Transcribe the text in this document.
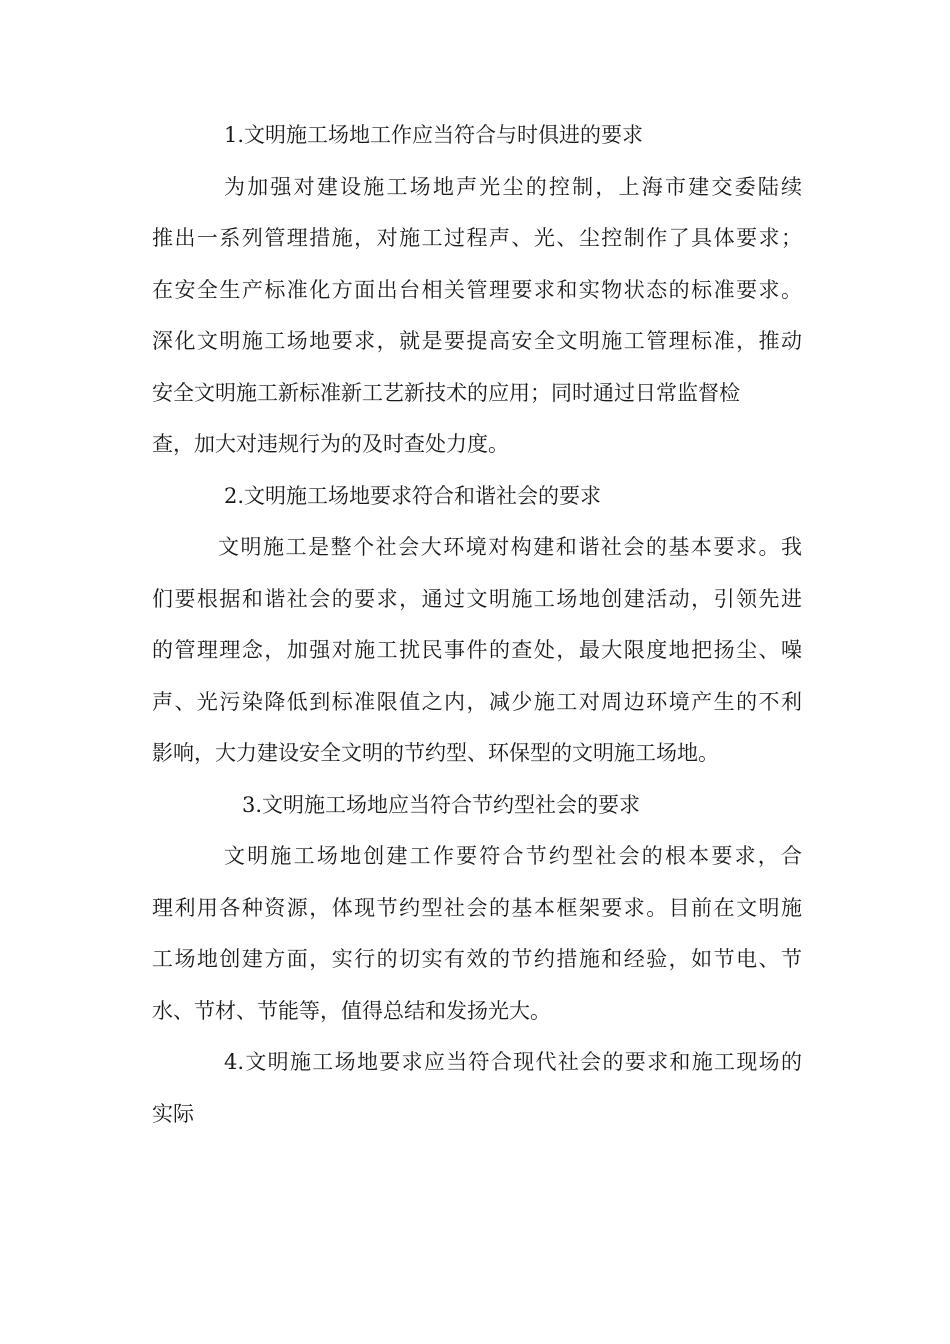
1.文明施工场地工作应当符合与时俱进的要求
为加强对建设施工场地声光尘的控制，上海市建交委陆续
推出一系列管理措施，对施工过程声、光、尘控制作了具体要求；
在安全生产标准化方面出台相关管理要求和实物状态的标准要求。
深化文明施工场地要求，就是要提高安全文明施工管理标准，推动
安全文明施工新标准新工艺新技术的应用；同时通过日常监督检
查，加大对违规行为的及时查处力度。
2.文明施工场地要求符合和谐社会的要求
文明施工是整个社会大环境对构建和谐社会的基本要求。我
们要根据和谐社会的要求，通过文明施工场地创建活动，引领先进
的管理理念，加强对施工扰民事件的查处，最大限度地把扬尘、噪
声、光污染降低到标准限值之内，减少施工对周边环境产生的不利
影响，大力建设安全文明的节约型、环保型的文明施工场地。
3.文明施工场地应当符合节约型社会的要求
文明施工场地创建工作要符合节约型社会的根本要求，合
理利用各种资源，体现节约型社会的基本框架要求。目前在文明施
工场地创建方面，实行的切实有效的节约措施和经验，如节电、节
水、节材、节能等，值得总结和发扬光大。
4.文明施工场地要求应当符合现代社会的要求和施工现场的
实际
